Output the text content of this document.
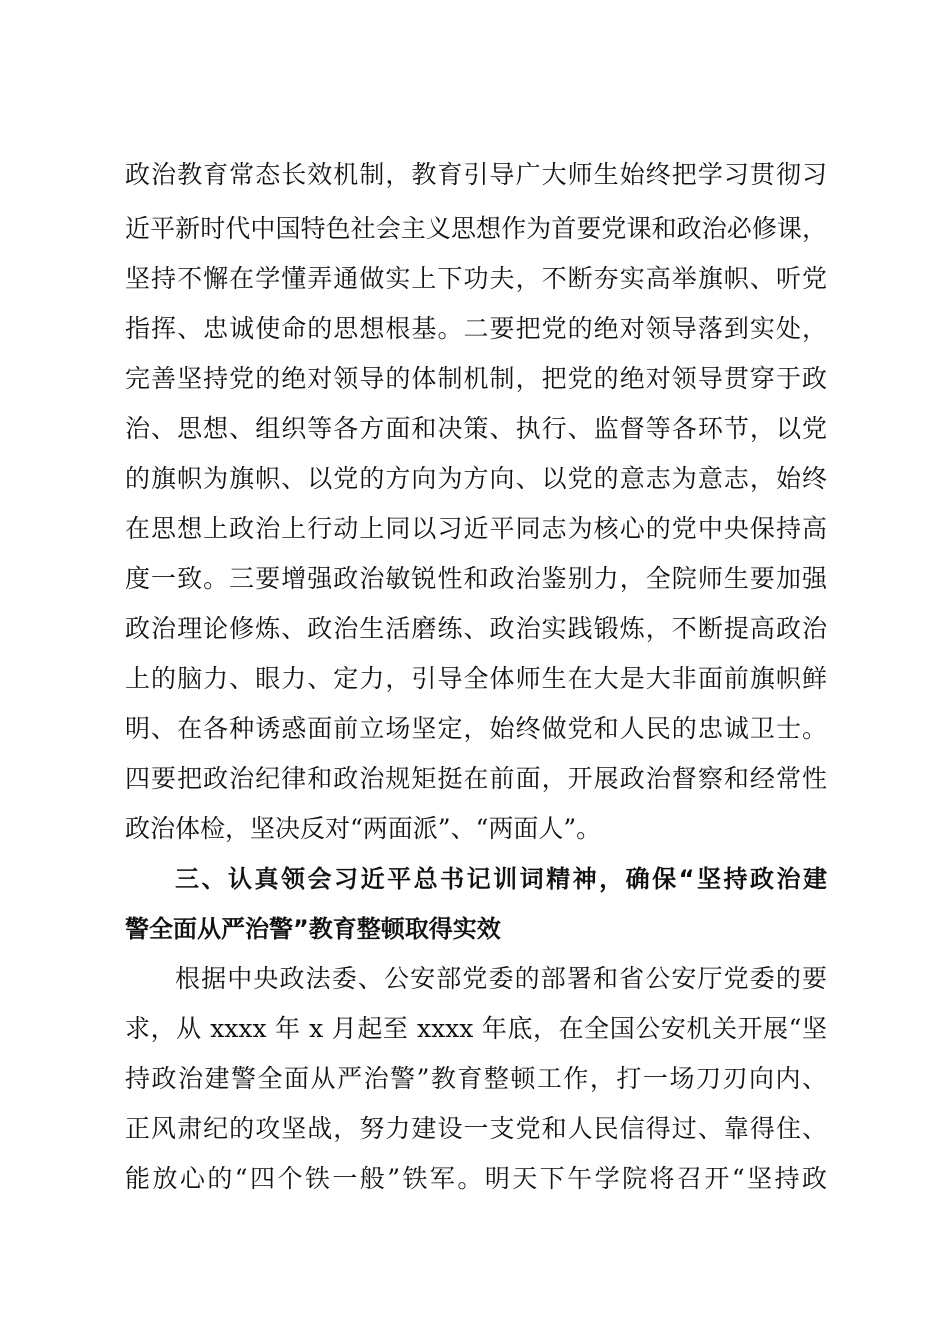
政治教育常态长效机制，教育引导广大师生始终把学习贯彻习
近平新时代中国特色社会主义思想作为首要党课和政治必修课，
坚持不懈在学懂弄通做实上下功夫，不断夯实高举旗帜、听党
指挥、忠诚使命的思想根基。二要把党的绝对领导落到实处，
完善坚持党的绝对领导的体制机制，把党的绝对领导贯穿于政
治、思想、组织等各方面和决策、执行、监督等各环节，以党
的旗帜为旗帜、以党的方向为方向、以党的意志为意志，始终
在思想上政治上行动上同以习近平同志为核心的党中央保持高
度一致。三要增强政治敏锐性和政治鉴别力，全院师生要加强
政治理论修炼、政治生活磨练、政治实践锻炼，不断提高政治
上的脑力、眼力、定力，引导全体师生在大是大非面前旗帜鲜
明、在各种诱惑面前立场坚定，始终做党和人民的忠诚卫士。
四要把政治纪律和政治规矩挺在前面，开展政治督察和经常性
政治体检，坚决反对“两面派”、“两面人”。
三、认真领会习近平总书记训词精神，确保“坚持政治建
警全面从严治警”教育整顿取得实效
根据中央政法委、公安部党委的部署和省公安厅党委的要
求，从 xxxx 年 x 月起至 xxxx 年底，在全国公安机关开展“坚
持政治建警全面从严治警”教育整顿工作，打一场刀刃向内、
正风肃纪的攻坚战，努力建设一支党和人民信得过、靠得住、
能放心的“四个铁一般”铁军。明天下午学院将召开“坚持政
